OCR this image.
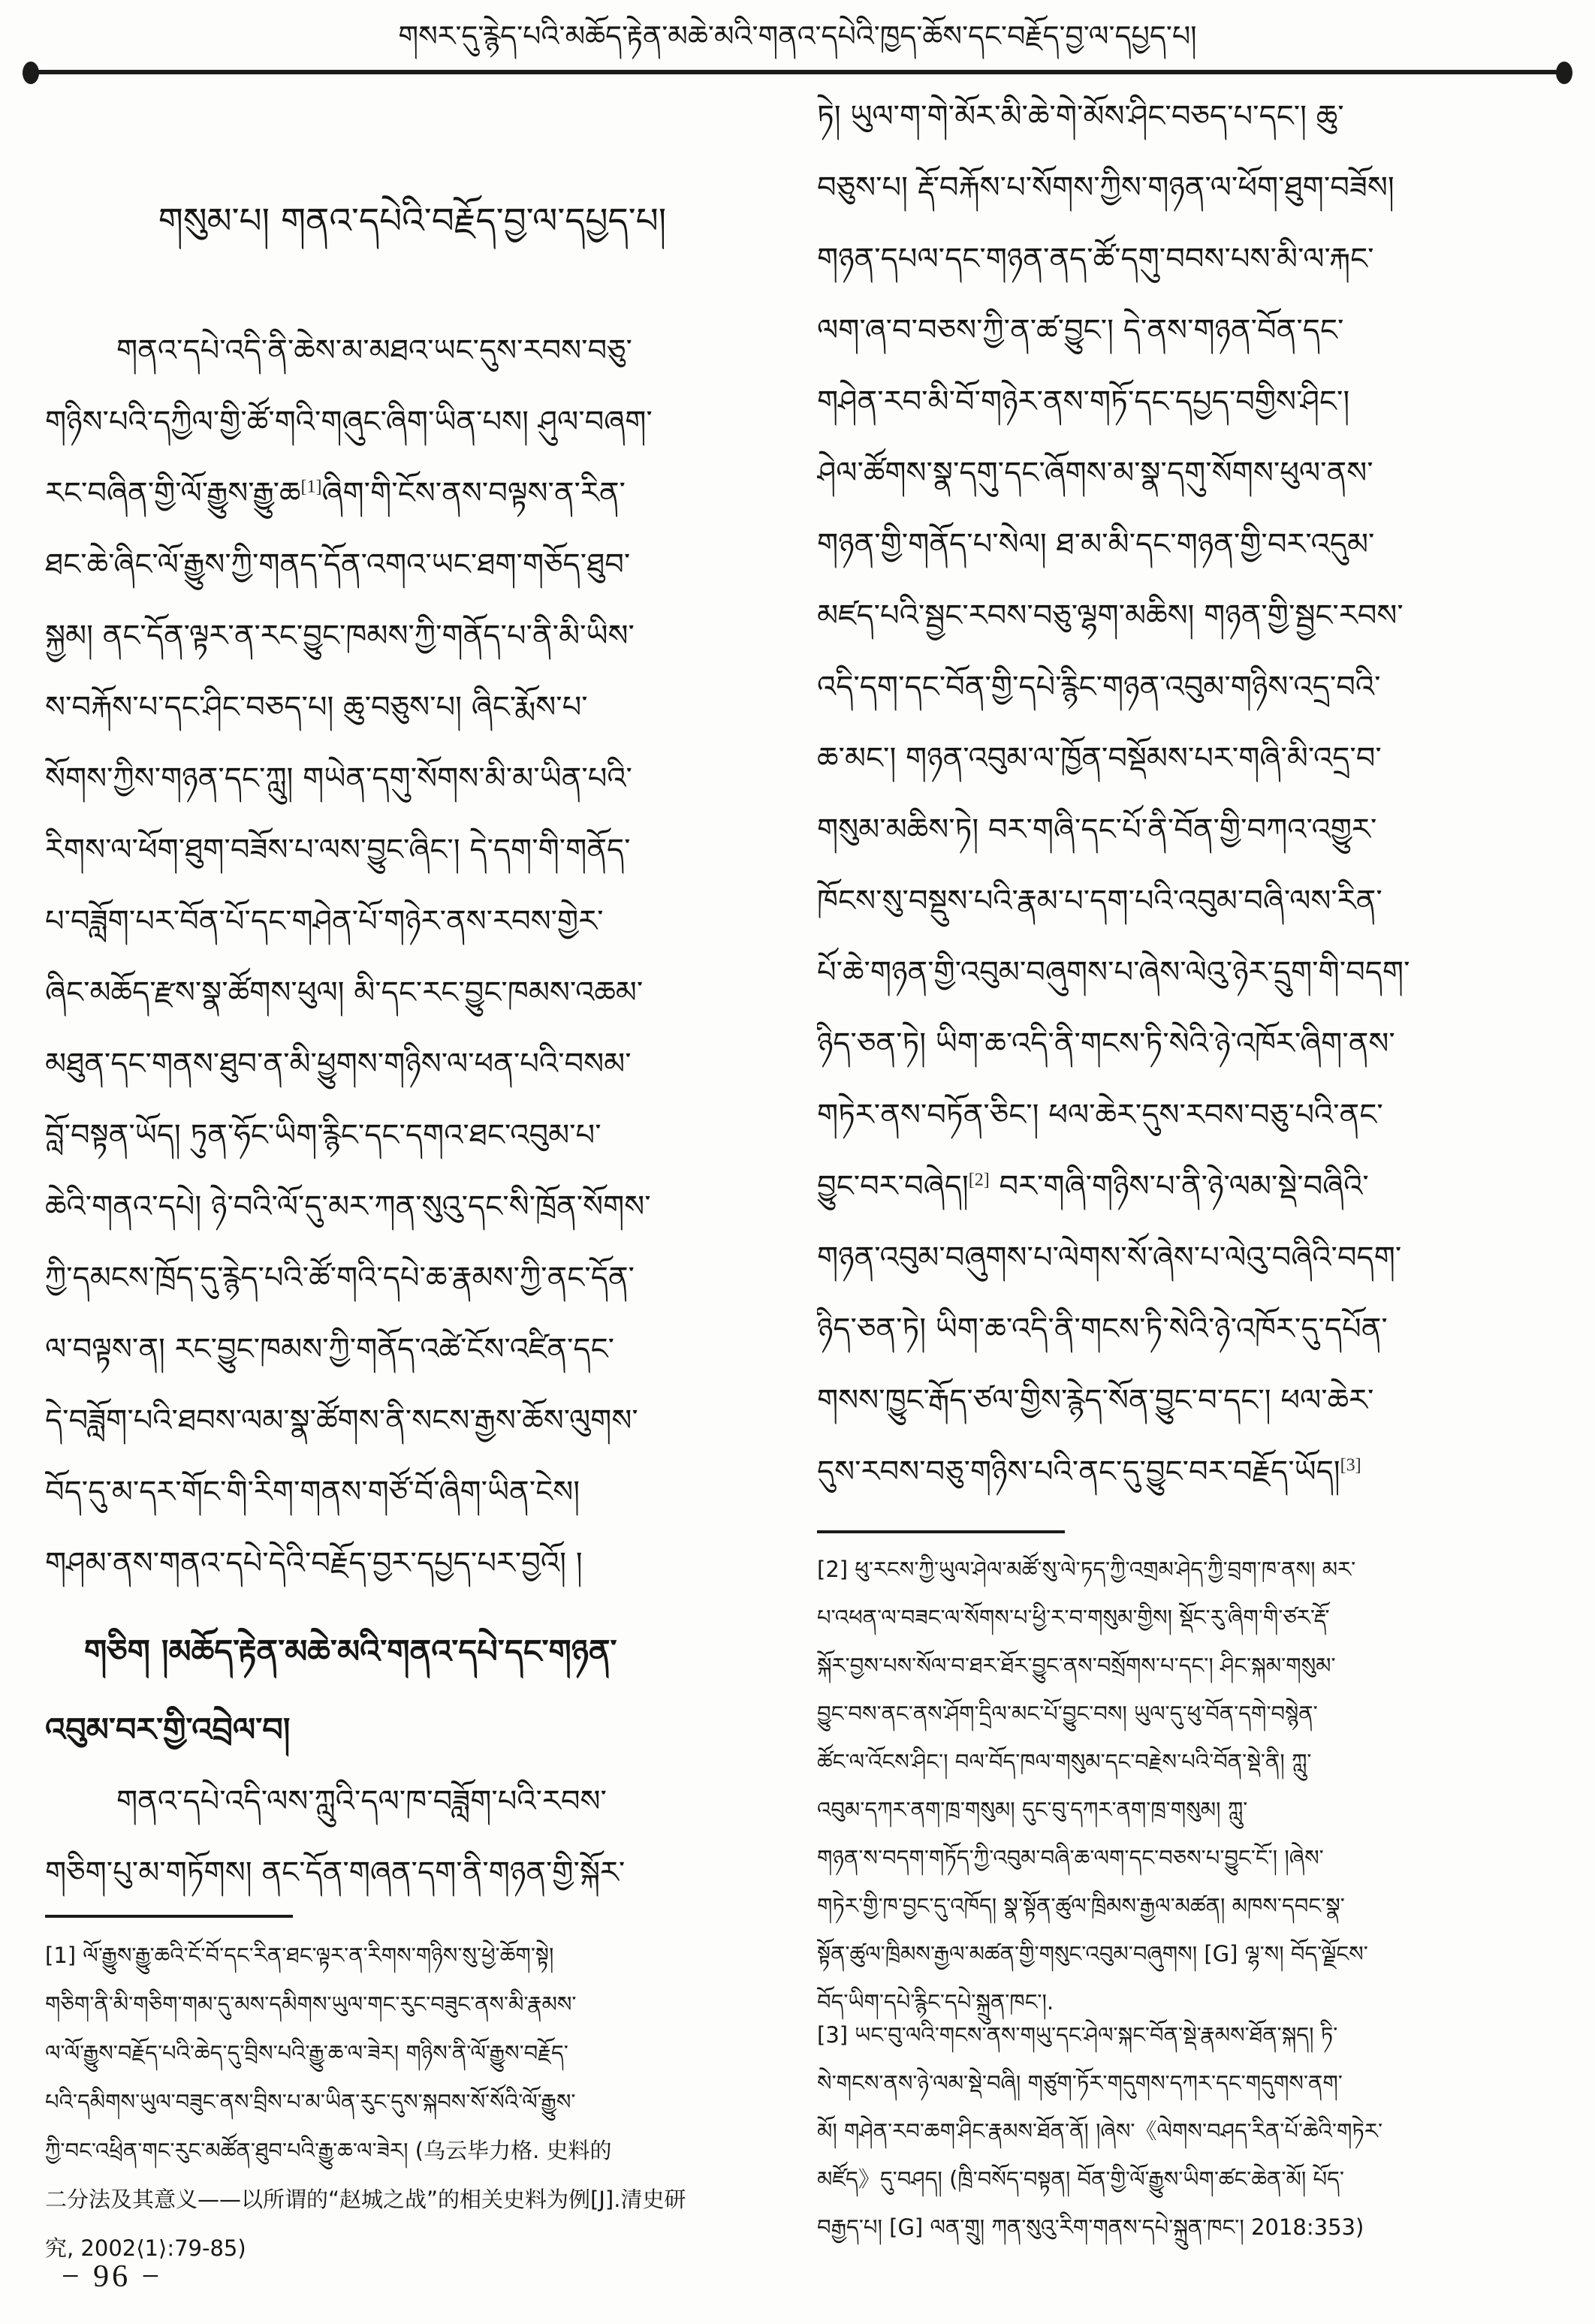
གསར་དུ་རྙེད་པའི་མཆོད་རྟེན་མཆེ་མའི་གནའ་དཔེའི་ཁྱད་ཆོས་དང་བརྗོད་བྱ་ལ་དཔྱད་པ།
གསུམ་པ། གནའ་དཔེའི་བརྗོད་བྱ་ལ་དཔྱད་པ།
གནའ་དཔེ་འདི་ནི་ཆེས་མ་མཐའ་ཡང་དུས་རབས་བཅུ་
གཉིས་པའི་དཀྱིལ་གྱི་ཚོ་གའི་གཞུང་ཞིག་ཡིན་པས། ཤུལ་བཞག་
རང་བཞིན་གྱི་ལོ་རྒྱུས་རྒྱུ་ཆ[1]ཞིག་གི་ངོས་ནས་བལྟས་ན་རིན་
ཐང་ཆེ་ཞིང་ལོ་རྒྱུས་ཀྱི་གནད་དོན་འགའ་ཡང་ཐག་གཅོད་ཐུབ་
སྐྱམ། ནང་དོན་ལྟར་ན་རང་བྱུང་ཁམས་ཀྱི་གནོད་པ་ནི་མི་ཡིས་
ས་བརྐོས་པ་དང་ཤིང་བཅད་པ། ཆུ་བཅུས་པ། ཞིང་རྨོས་པ་
སོགས་ཀྱིས་གཉན་དང་ཀླུ། གཡེན་དགུ་སོགས་མི་མ་ཡིན་པའི་
རིགས་ལ་ཕོག་ཐུག་བཟོས་པ་ལས་བྱུང་ཞིང་། དེ་དག་གི་གནོད་
པ་བཟློག་པར་བོན་པོ་དང་གཤེན་པོ་གཉེར་ནས་རབས་གྱེར་
ཞིང་མཆོད་རྫས་སྣ་ཚོགས་ཕུལ། མི་དང་རང་བྱུང་ཁམས་འཆམ་
མཐུན་དང་གནས་ཐུབ་ན་མི་ཕྱུགས་གཉིས་ལ་ཕན་པའི་བསམ་
བློ་བསྟན་ཡོད། ཏུན་ཧོང་ཡིག་རྙིང་དང་དགའ་ཐང་འབུམ་པ་
ཆེའི་གནའ་དཔེ། ཉེ་བའི་ལོ་དུ་མར་ཀན་སུའུ་དང་སི་ཁྲོན་སོགས་
ཀྱི་དམངས་ཁྲོད་དུ་རྙེད་པའི་ཚོ་གའི་དཔེ་ཆ་རྣམས་ཀྱི་ནང་དོན་
ལ་བལྟས་ན། རང་བྱུང་ཁམས་ཀྱི་གནོད་འཚེ་ངོས་འཛིན་དང་
དེ་བཟློག་པའི་ཐབས་ལམ་སྣ་ཚོགས་ནི་སངས་རྒྱས་ཆོས་ལུགས་
བོད་དུ་མ་དར་གོང་གི་རིག་གནས་གཙོ་བོ་ཞིག་ཡིན་ངེས།
གཤམ་ནས་གནའ་དཔེ་དེའི་བརྗོད་བྱར་དཔྱད་པར་བྱའོ། །
གཅིག །མཆོད་རྟེན་མཆེ་མའི་གནའ་དཔེ་དང་གཉན་
འབུམ་བར་གྱི་འབྲེལ་བ།
གནའ་དཔེ་འདི་ལས་ཀླུའི་དལ་ཁ་བཟློག་པའི་རབས་
གཅིག་པུ་མ་གཏོགས། ནང་དོན་གཞན་དག་ནི་གཉན་གྱི་སྐོར་
[1] ལོ་རྒྱུས་རྒྱུ་ཆའི་ངོ་བོ་དང་རིན་ཐང་ལྟར་ན་རིགས་གཉིས་སུ་ཕྱེ་ཆོག་སྟེ།
གཅིག་ནི་མི་གཅིག་གམ་དུ་མས་དམིགས་ཡུལ་གང་རུང་བཟུང་ནས་མི་རྣམས་
ལ་ལོ་རྒྱུས་བརྗོད་པའི་ཆེད་དུ་བྲིས་པའི་རྒྱུ་ཆ་ལ་ཟེར། གཉིས་ནི་ལོ་རྒྱུས་བརྗོད་
པའི་དམིགས་ཡུལ་བཟུང་ནས་བྲིས་པ་མ་ཡིན་རུང་དུས་སྐབས་སོ་སོའི་ལོ་རྒྱུས་
ཀྱི་བང་འཕྲིན་གང་རུང་མཚོན་ཐུབ་པའི་རྒྱུ་ཆ་ལ་ཟེར། (乌云毕力格. 史料的
二分法及其意义——以所谓的“赵城之战”的相关史料为例[J].清史研
究, 2002⟨1⟩:79-85)
ཏེ། ཡུལ་ག་གེ་མོར་མི་ཆེ་གེ་མོས་ཤིང་བཅད་པ་དང་། ཆུ་
བཅུས་པ། རྡོ་བརྐོས་པ་སོགས་ཀྱིས་གཉན་ལ་ཕོག་ཐུག་བཟོས།
གཉན་དཔལ་དང་གཉན་ནད་ཚོ་དགུ་བབས་པས་མི་ལ་རྐང་
ལག་ཞ་བ་བཅས་ཀྱི་ན་ཚ་བྱུང་། དེ་ནས་གཉན་བོན་དང་
གཤེན་རབ་མི་བོ་གཉེར་ནས་གཏོ་དང་དཔྱད་བགྱིས་ཤིང་།
ཤེལ་ཚོགས་སྣ་དགུ་དང་ཞོགས་མ་སྣ་དགུ་སོགས་ཕུལ་ནས་
གཉན་གྱི་གནོད་པ་སེལ། ཐ་མ་མི་དང་གཉན་གྱི་བར་འདུམ་
མཛད་པའི་སྦྱང་རབས་བཅུ་ལྷག་མཆིས། གཉན་གྱི་སྦྱང་རབས་
འདི་དག་དང་བོན་གྱི་དཔེ་རྙིང་གཉན་འབུམ་གཉིས་འདྲ་བའི་
ཆ་མང་། གཉན་འབུམ་ལ་ཁྱོན་བསྡོམས་པར་གཞི་མི་འདྲ་བ་
གསུམ་མཆིས་ཏེ། བར་གཞི་དང་པོ་ནི་བོན་གྱི་བཀའ་འགྱུར་
ཁོངས་སུ་བསྡུས་པའི་རྣམ་པ་དག་པའི་འབུམ་བཞི་ལས་རིན་
པོ་ཆེ་གཉན་གྱི་འབུམ་བཞུགས་པ་ཞེས་ལེའུ་ཉེར་དྲུག་གི་བདག་
ཉིད་ཅན་ཏེ། ཡིག་ཆ་འདི་ནི་གངས་ཏི་སེའི་ཉེ་འཁོར་ཞིག་ནས་
གཏེར་ནས་བཏོན་ཅིང་། ཕལ་ཆེར་དུས་རབས་བཅུ་པའི་ནང་
བྱུང་བར་བཞེད།[2] བར་གཞི་གཉིས་པ་ནི་ཉེ་ལམ་སྡེ་བཞིའི་
གཉན་འབུམ་བཞུགས་པ་ལེགས་སོ་ཞེས་པ་ལེའུ་བཞིའི་བདག་
ཉིད་ཅན་ཏེ། ཡིག་ཆ་འདི་ནི་གངས་ཏི་སེའི་ཉེ་འཁོར་དུ་དཔོན་
གསས་ཁྱུང་རྒོད་ཙལ་གྱིས་རྙེད་སོན་བྱུང་བ་དང་། ཕལ་ཆེར་
དུས་རབས་བཅུ་གཉིས་པའི་ནང་དུ་བྱུང་བར་བརྗོད་ཡོད།[3]
[2] ཕུ་རངས་ཀྱི་ཡུལ་ཤེལ་མཚོ་སུ་ལེ་ཏད་ཀྱི་འགྲམ་ཤེད་ཀྱི་བྲག་ཁ་ནས། མར་
པ་འཕན་ལ་བཟང་ལ་སོགས་པ་ཕྱི་ར་བ་གསུམ་གྱིས། སྡོང་རུ་ཞིག་གི་ཙར་རྡོ་
སྐོར་བྱས་པས་སོལ་བ་ཐར་ཐོར་བྱུང་ནས་བསྲོགས་པ་དང་། ཤིང་སྐམ་གསུམ་
བྱུང་བས་ནང་ནས་ཤོག་དྲིལ་མང་པོ་བྱུང་བས། ཡུལ་དུ་ཕུ་བོན་དགེ་བསྙེན་
ཚོང་ལ་འོངས་ཤིང་། བལ་བོད་ཁལ་གསུམ་དང་བརྗེས་པའི་བོན་སྡེ་ནི། ཀླུ་
འབུམ་དཀར་ནག་ཁྲ་གསུམ། དུང་བུ་དཀར་ནག་ཁྲ་གསུམ། ཀླུ་
གཉན་ས་བདག་གཏོད་ཀྱི་འབུམ་བཞི་ཆ་ལག་དང་བཅས་པ་བྱུང་ངོ་། །ཞེས་
གཏེར་གྱི་ཁ་བྱང་དུ་འཁོད། སྣ་སྟོན་ཚུལ་ཁྲིམས་རྒྱལ་མཚན། མཁས་དབང་སྣ་
སྟོན་ཚུལ་ཁྲིམས་རྒྱལ་མཚན་གྱི་གསུང་འབུམ་བཞུགས། [G] ལྷ་ས། བོད་ལྗོངས་
བོད་ཡིག་དཔེ་རྙིང་དཔེ་སྐྲུན་ཁང་།.
[3] ཡང་བུ་ལའི་གངས་ནས་གཡུ་དང་ཤེལ་སྐང་བོན་སྡེ་རྣམས་ཐོན་སྐད། ཏི་
སེ་གངས་ནས་ཉེ་ལམ་སྡེ་བཞི། གཙུག་ཏོར་གདུགས་དཀར་དང་གདུགས་ནག་
མོ། གཤེན་རབ་ཆག་ཤིང་རྣམས་ཐོན་ནོ། །ཞེས་《ལེགས་བཤད་རིན་པོ་ཆེའི་གཏེར་
མཛོད》དུ་བཤད། (ཁྲི་བསོད་བསྟན། བོན་གྱི་ལོ་རྒྱུས་ཡིག་ཚང་ཆེན་མོ། པོད་
བརྒྱད་པ། [G] ལན་གྲུ། ཀན་སུའུ་རིག་གནས་དཔེ་སྐྲུན་ཁང་། 2018:353)
− 96 −
